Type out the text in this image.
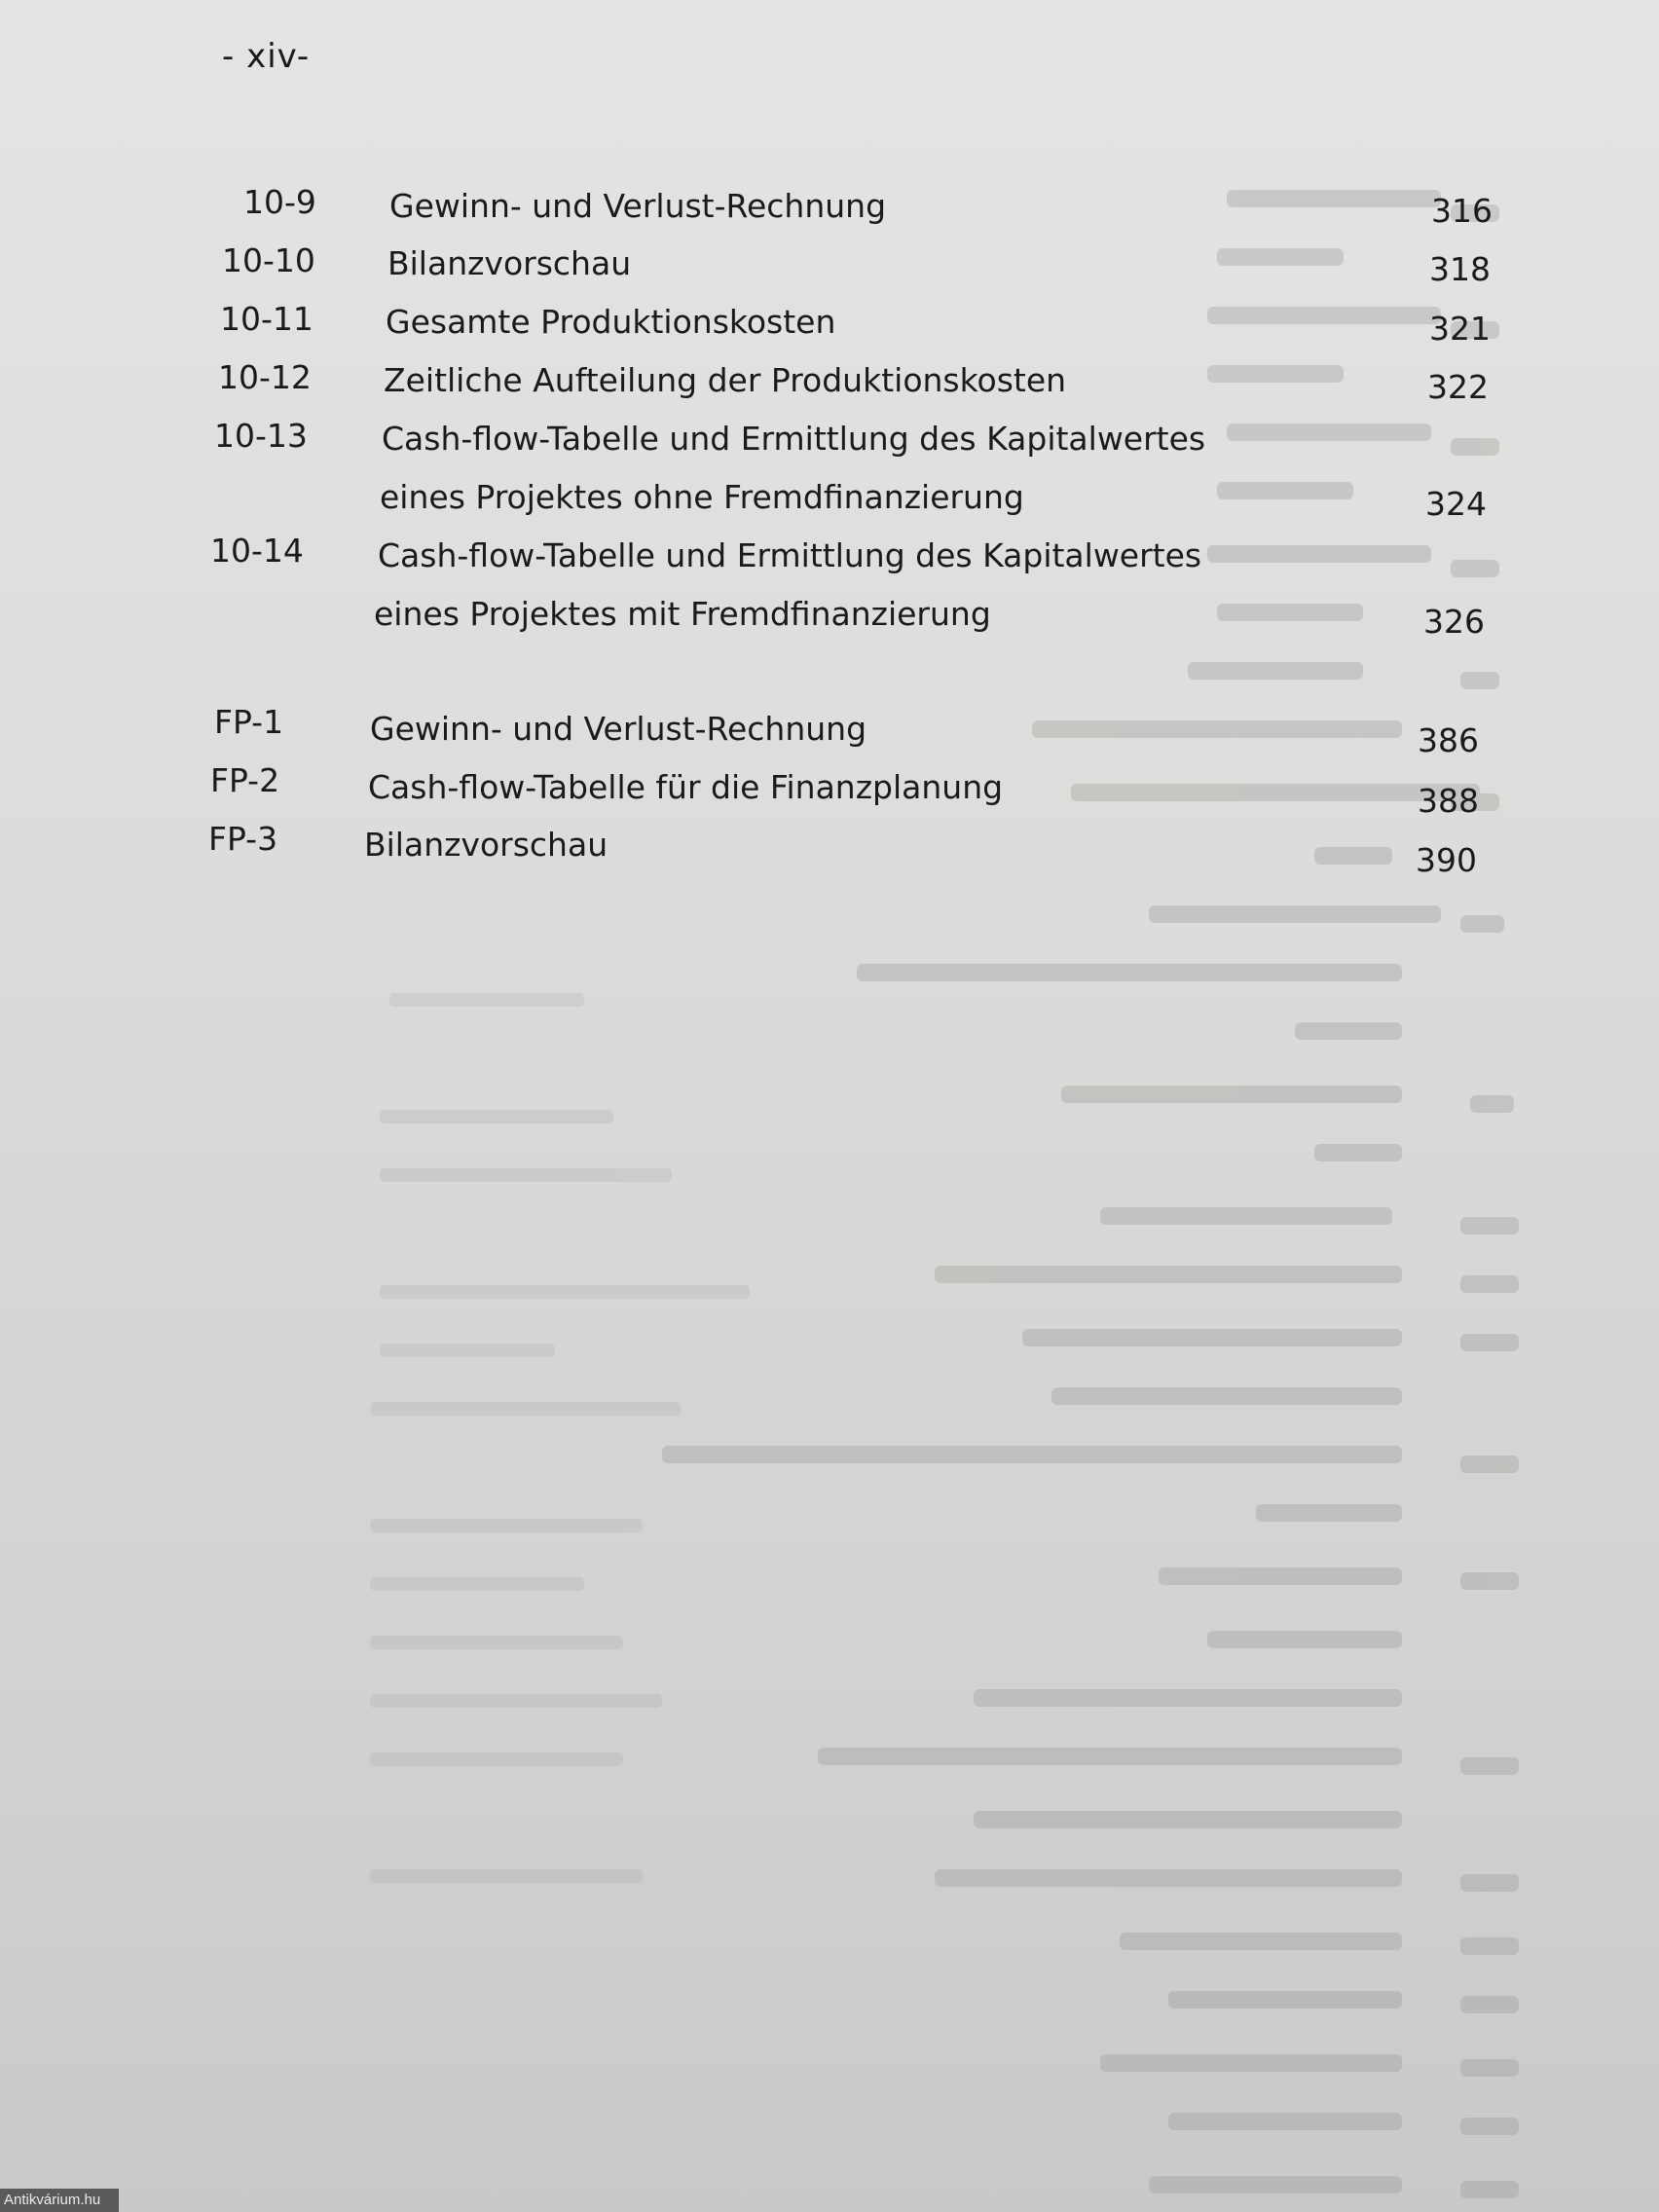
- xiv-
10-9 Gewinn- und Verlust-Rechnung	316
10-10 Bilanzvorschau	318
10-11 Gesamte Produktionskosten	321
10-12 Zeitliche Aufteilung der Produktionskosten	322
10-13 Cash-flow-Tabelle und Ermittlung des Kapitalwertes
eines Projektes ohne Fremdfinanzierung	324
10-14 Cash-flow-Tabelle und Ermittlung des Kapitalwertes
eines Projektes mit Fremdfinanzierung	326
FP-1	Gewinn- und Verlust-Rechnung	386
FP-2	Cash-flow-Tabelle für die Finanzplanung	388
FP-3	Bilanzvorschau	390
Antikvárium.hu
